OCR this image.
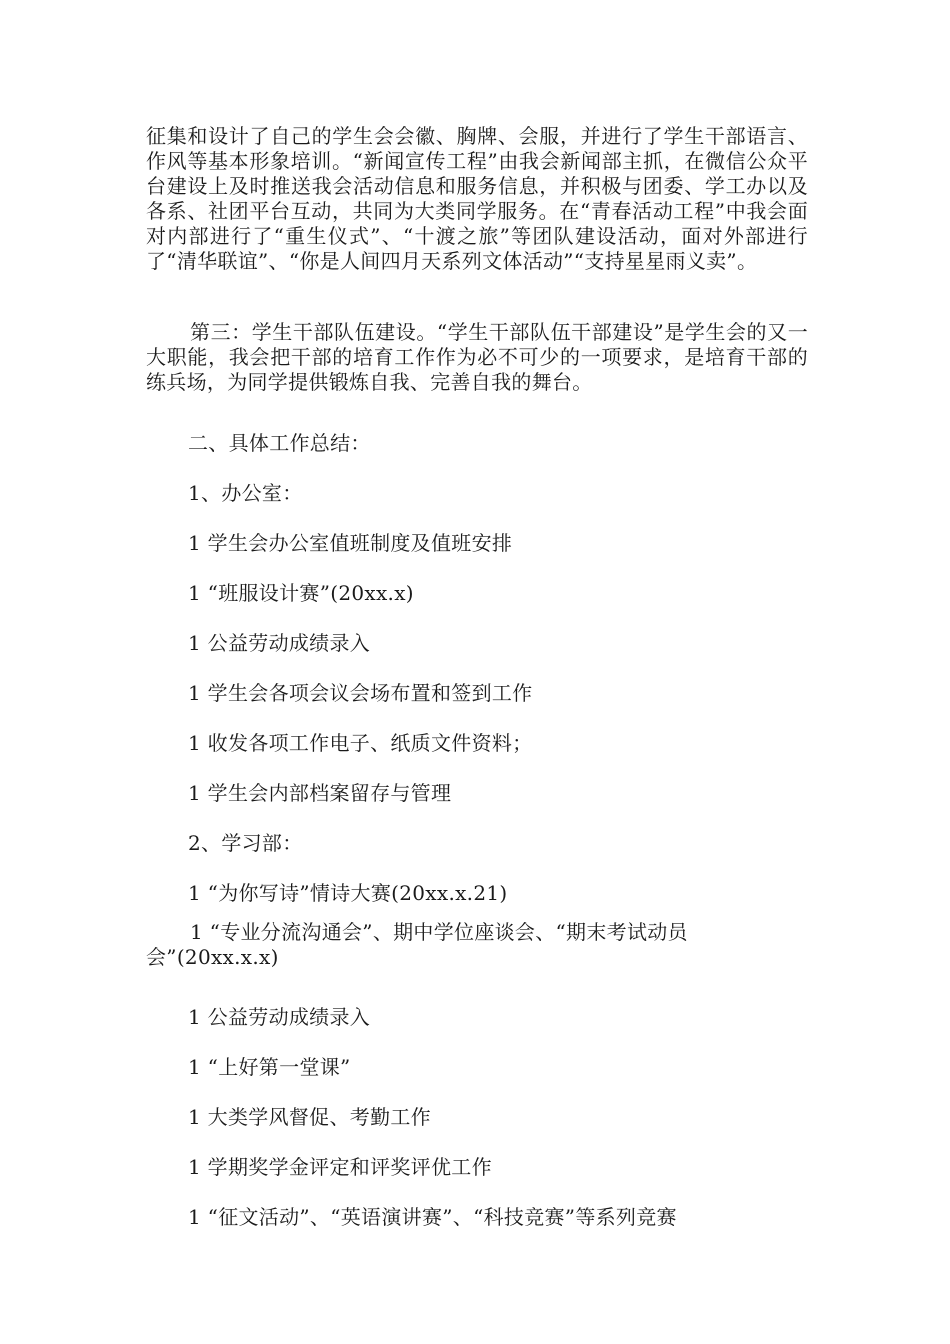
征集和设计了自己的学生会会徽、胸牌、会服，并进行了学生干部语言、作风等基本形象培训。“新闻宣传工程”由我会新闻部主抓，在微信公众平台建设上及时推送我会活动信息和服务信息，并积极与团委、学工办以及各系、社团平台互动，共同为大类同学服务。在“青春活动工程”中我会面对内部进行了“重生仪式”、“十渡之旅”等团队建设活动，面对外部进行了“清华联谊”、“你是人间四月天系列文体活动”“支持星星雨义卖”。

第三：学生干部队伍建设。“学生干部队伍干部建设”是学生会的又一大职能，我会把干部的培育工作作为必不可少的一项要求，是培育干部的练兵场，为同学提供锻炼自我、完善自我的舞台。

二、具体工作总结：

1、办公室：

1 学生会办公室值班制度及值班安排

1 “班服设计赛”(20xx.x)

1 公益劳动成绩录入

1 学生会各项会议会场布置和签到工作

1 收发各项工作电子、纸质文件资料；

1 学生会内部档案留存与管理

2、学习部：

1 “为你写诗”情诗大赛(20xx.x.21)

1 “专业分流沟通会”、期中学位座谈会、“期末考试动员会”(20xx.x.x)

1 公益劳动成绩录入

1 “上好第一堂课”

1 大类学风督促、考勤工作

1 学期奖学金评定和评奖评优工作

1 “征文活动”、“英语演讲赛”、“科技竞赛”等系列竞赛
